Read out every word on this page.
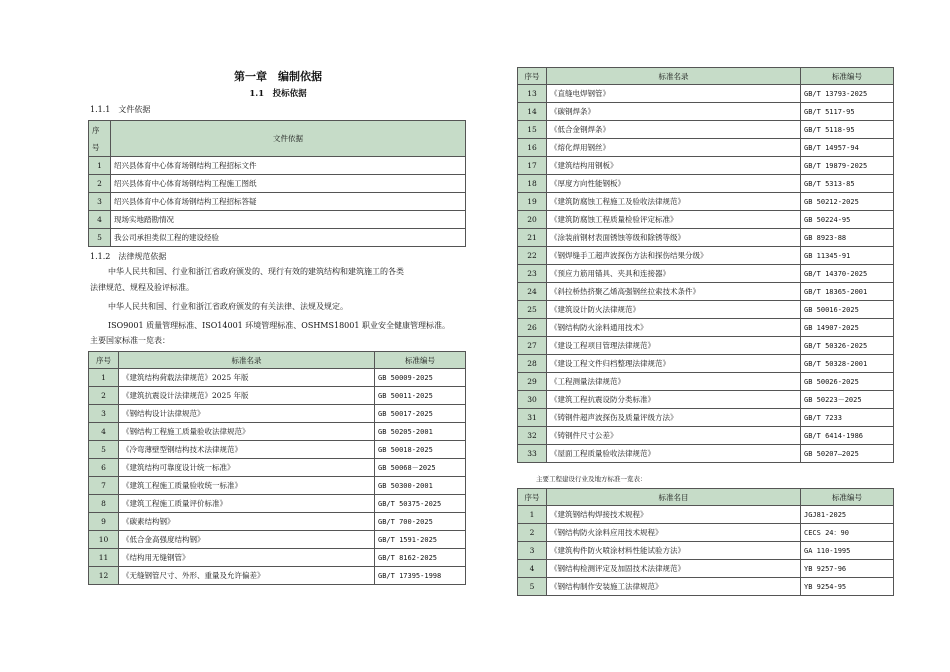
第一章　编制依据
1.1　投标依据
1.1.1　文件依据
序
号	文件依据
1	绍兴县体育中心体育场钢结构工程招标文件
2	绍兴县体育中心体育场钢结构工程施工图纸
3	绍兴县体育中心体育场钢结构工程招标答疑
4	现场实地踏勘情况
5	我公司承担类似工程的建设经验
1.1.2　法律规范依据
中华人民共和国、行业和浙江省政府颁发的、现行有效的建筑结构和建筑施工的各类
法律规范、规程及验评标准。
中华人民共和国、行业和浙江省政府颁发的有关法律、法规及规定。
ISO9001 质量管理标准、ISO14001 环境管理标准、OSHMS18001 职业安全健康管理标准。
主要国家标准一览表：
序号	标准名录	标准编号
1	《建筑结构荷载法律规范》2025 年版	GB 50009-2025
2	《建筑抗震设计法律规范》2025 年版	GB 50011-2025
3	《钢结构设计法律规范》	GB 50017-2025
4	《钢结构工程施工质量验收法律规范》	GB 50205-2001
5	《冷弯薄壁型钢结构技术法律规范》	GB 50018-2025
6	《建筑结构可靠度设计统一标准》	GB 50068－2025
7	《建筑工程施工质量验收统一标准》	GB 50300-2001
8	《建筑工程施工质量评价标准》	GB/T 50375-2025
9	《碳素结构钢》	GB/T 700-2025
10	《低合金高强度结构钢》	GB/T 1591-2025
11	《结构用无缝钢管》	GB/T 8162-2025
12	《无缝钢管尺寸、外形、重量及允许偏差》	GB/T 17395-1998
序号	标准名录	标准编号
13	《直缝电焊钢管》	GB/T 13793-2025
14	《碳钢焊条》	GB/T 5117-95
15	《低合金钢焊条》	GB/T 5118-95
16	《熔化焊用钢丝》	GB/T 14957-94
17	《建筑结构用钢板》	GB/T 19879-2025
18	《厚度方向性能钢板》	GB/T 5313-85
19	《建筑防腐蚀工程施工及验收法律规范》	GB 50212-2025
20	《建筑防腐蚀工程质量检验评定标准》	GB 50224-95
21	《涂装前钢材表面锈蚀等级和除锈等级》	GB 8923-88
22	《钢焊缝手工超声波探伤方法和探伤结果分级》	GB 11345-91
23	《预应力筋用锚具、夹具和连接器》	GB/T 14370-2025
24	《斜拉桥热挤聚乙烯高强钢丝拉索技术条件》	GB/T 18365-2001
25	《建筑设计防火法律规范》	GB 50016-2025
26	《钢结构防火涂料通用技术》	GB 14907-2025
27	《建设工程项目管理法律规范》	GB/T 50326-2025
28	《建设工程文件归档整理法律规范》	GB/T 50328-2001
29	《工程测量法律规范》	GB 50026-2025
30	《建筑工程抗震设防分类标准》	GB 50223－2025
31	《铸钢件超声波探伤及质量评级方法》	GB/T 7233
32	《铸钢件尺寸公差》	GB/T 6414-1986
33	《屋面工程质量验收法律规范》	GB 50207—2025
主要工程建设行业及地方标准一览表：
序号	标准名目	标准编号
1	《建筑钢结构焊接技术规程》	JGJ81-2025
2	《钢结构防火涂料应用技术规程》	CECS 24：90
3	《建筑构件防火喷涂材料性能试验方法》	GA 110-1995
4	《钢结构检测评定及加固技术法律规范》	YB 9257-96
5	《钢结构制作安装施工法律规范》	YB 9254-95
